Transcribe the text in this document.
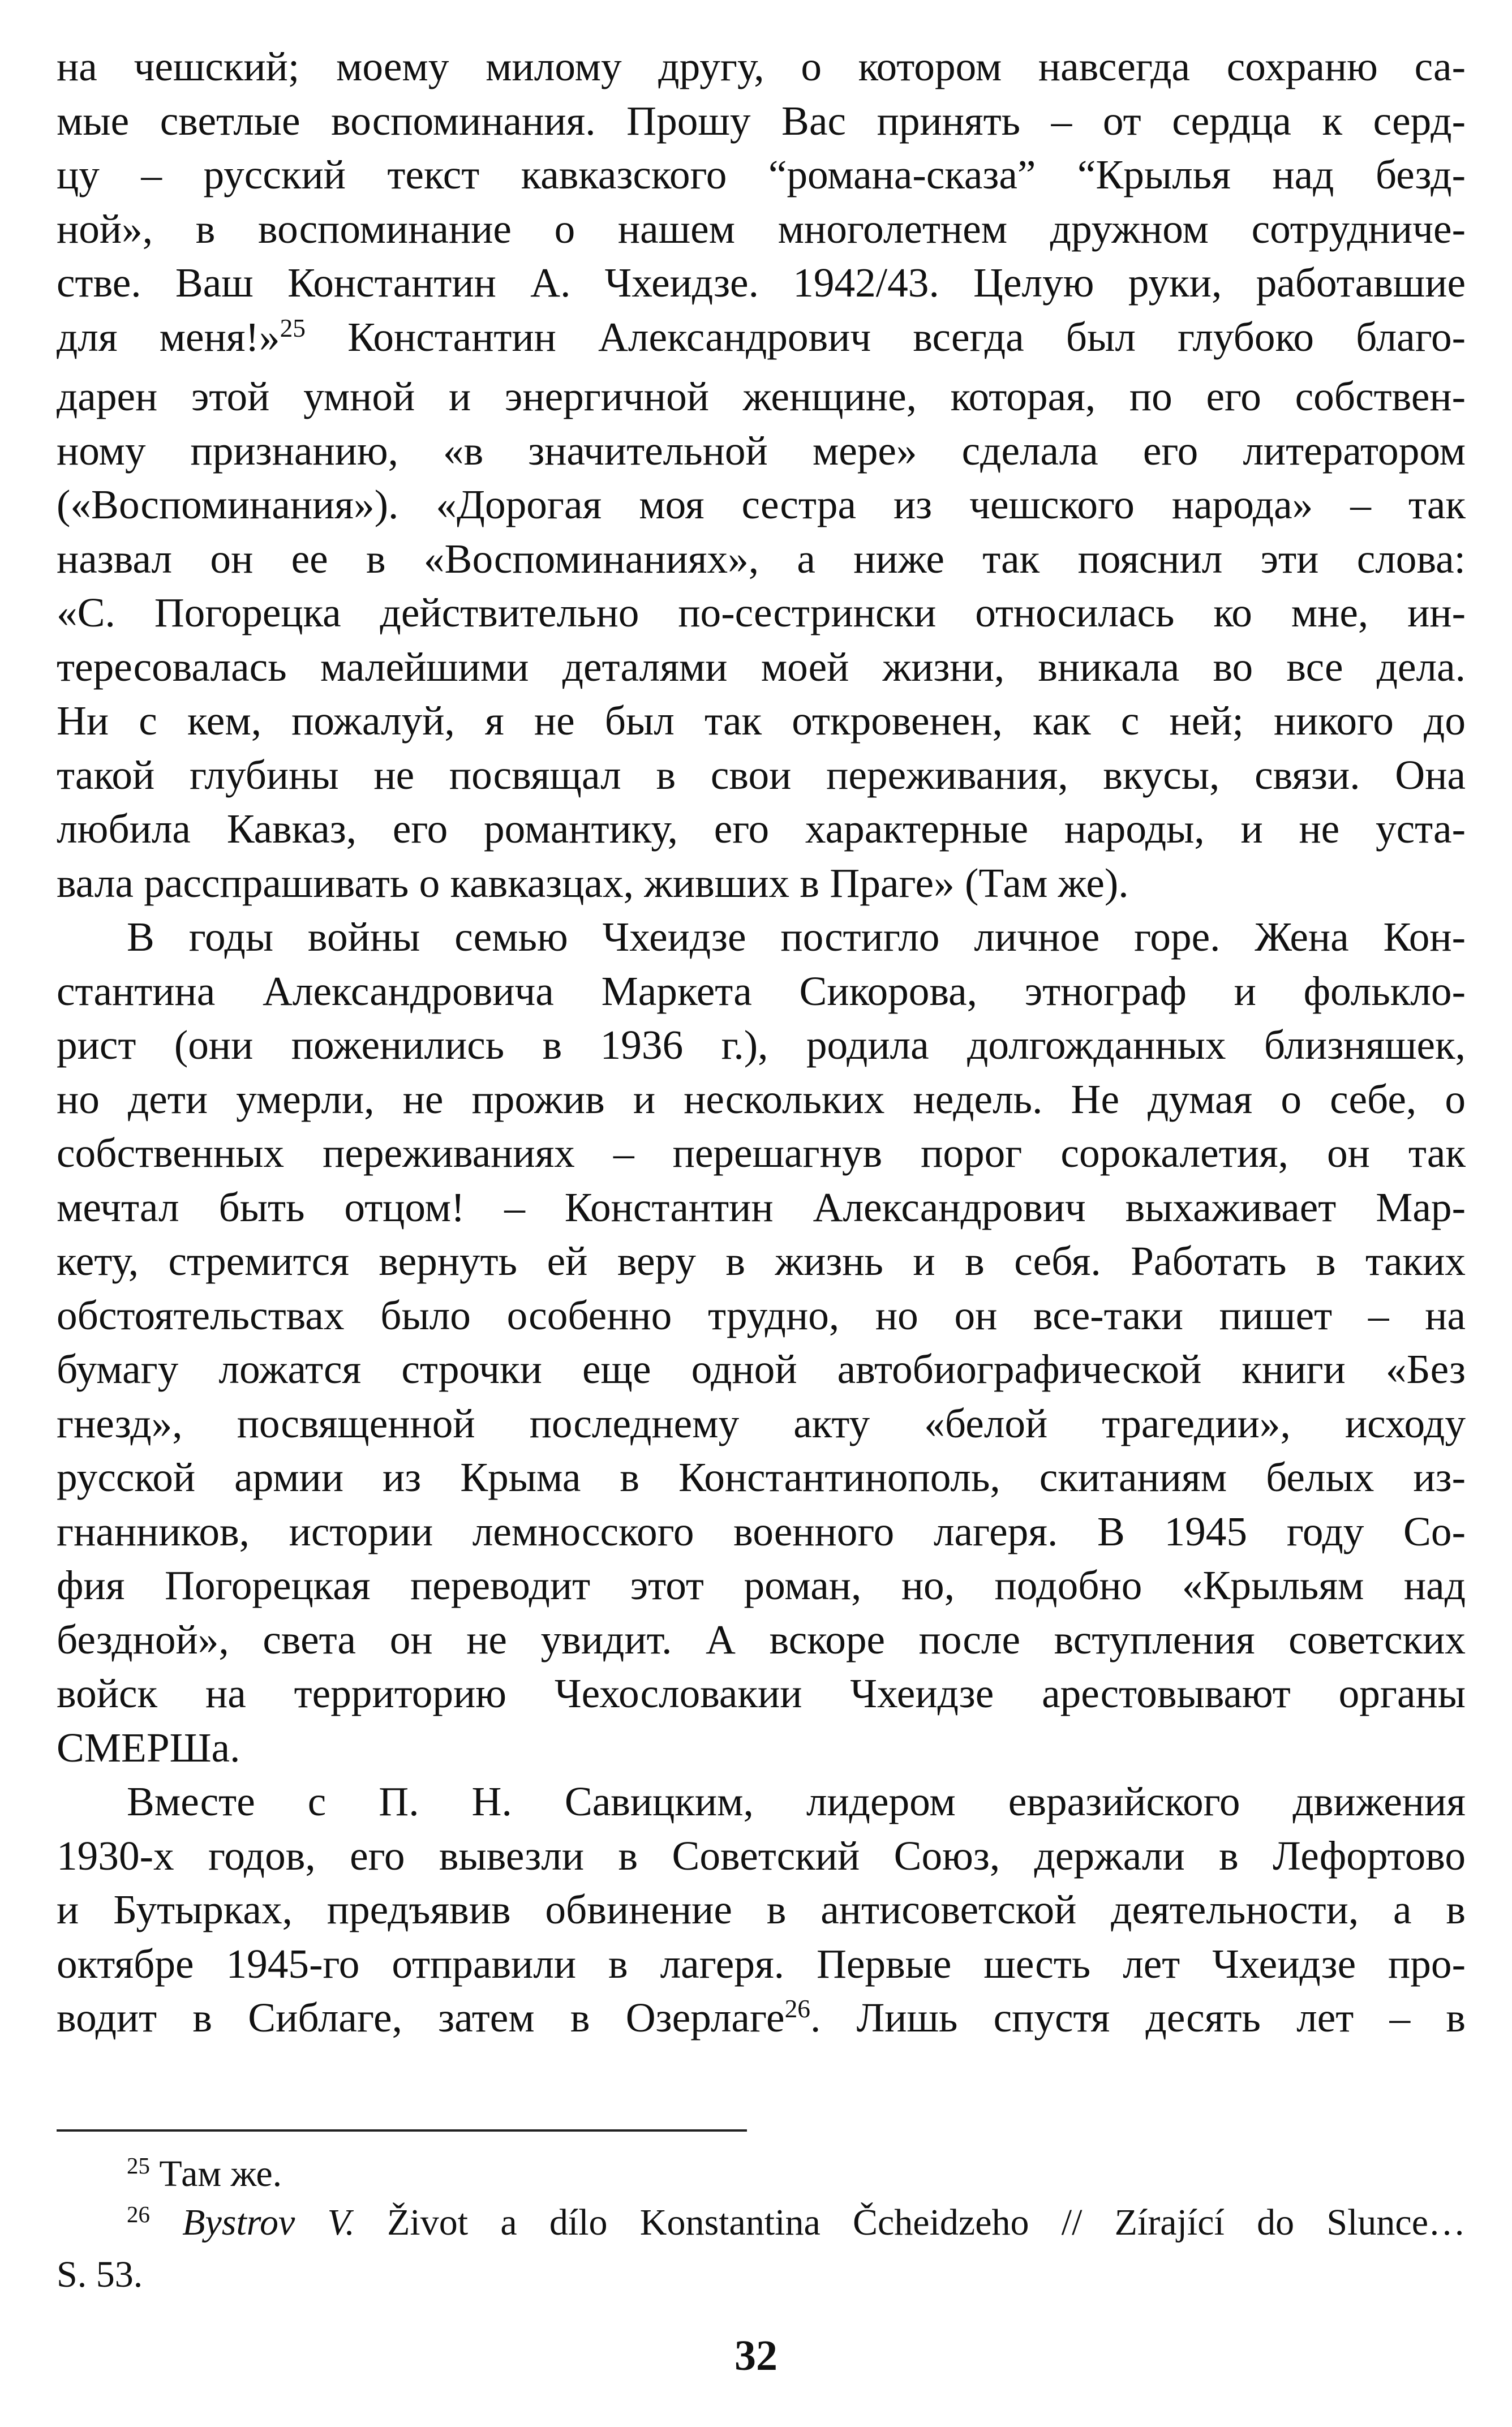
на чешский; моему милому другу, о котором навсегда сохраню са-
мые светлые воспоминания. Прошу Вас принять – от сердца к серд-
цу – русский текст кавказского “романа-сказа” “Крылья над безд-
ной», в воспоминание о нашем многолетнем дружном сотрудниче-
стве. Ваш Константин А. Чхеидзе. 1942/43. Целую руки, работавшие
для меня!»$^{25}$ Константин Александрович всегда был глубоко благо-
дарен этой умной и энергичной женщине, которая, по его собствен-
ному признанию, «в значительной мере» сделала его литератором
(«Воспоминания»). «Дорогая моя сестра из чешского народа» – так
назвал он ее в «Воспоминаниях», а ниже так пояснил эти слова:
«С. Погорецка действительно по-сестрински относилась ко мне, ин-
тересовалась малейшими деталями моей жизни, вникала во все дела.
Ни с кем, пожалуй, я не был так откровенен, как с ней; никого до
такой глубины не посвящал в свои переживания, вкусы, связи. Она
любила Кавказ, его романтику, его характерные народы, и не уста-
вала расспрашивать о кавказцах, живших в Праге» (Там же).
В годы войны семью Чхеидзе постигло личное горе. Жена Кон-
стантина Александровича Маркета Сикорова, этнограф и фолькло-
рист (они поженились в 1936 г.), родила долгожданных близняшек,
но дети умерли, не прожив и нескольких недель. Не думая о себе, о
собственных переживаниях – перешагнув порог сорокалетия, он так
мечтал быть отцом! – Константин Александрович выхаживает Мар-
кету, стремится вернуть ей веру в жизнь и в себя. Работать в таких
обстоятельствах было особенно трудно, но он все-таки пишет – на
бумагу ложатся строчки еще одной автобиографической книги «Без
гнезд», посвященной последнему акту «белой трагедии», исходу
русской армии из Крыма в Константинополь, скитаниям белых из-
гнанников, истории лемносского военного лагеря. В 1945 году Со-
фия Погорецкая переводит этот роман, но, подобно «Крыльям над
бездной», света он не увидит. А вскоре после вступления советских
войск на территорию Чехословакии Чхеидзе арестовывают органы
СМЕРШа.
Вместе с П. Н. Савицким, лидером евразийского движения
1930-х годов, его вывезли в Советский Союз, держали в Лефортово
и Бутырках, предъявив обвинение в антисоветской деятельности, а в
октябре 1945-го отправили в лагеря. Первые шесть лет Чхеидзе про-
водит в Сиблаге, затем в Озерлаге$^{26}$. Лишь спустя десять лет – в
$^{25}$ Там же.
$^{26}$ Bystrov V. Život a dílo Konstantina Čcheidzeho // Zírající do Slunce…
S. 53.
32
